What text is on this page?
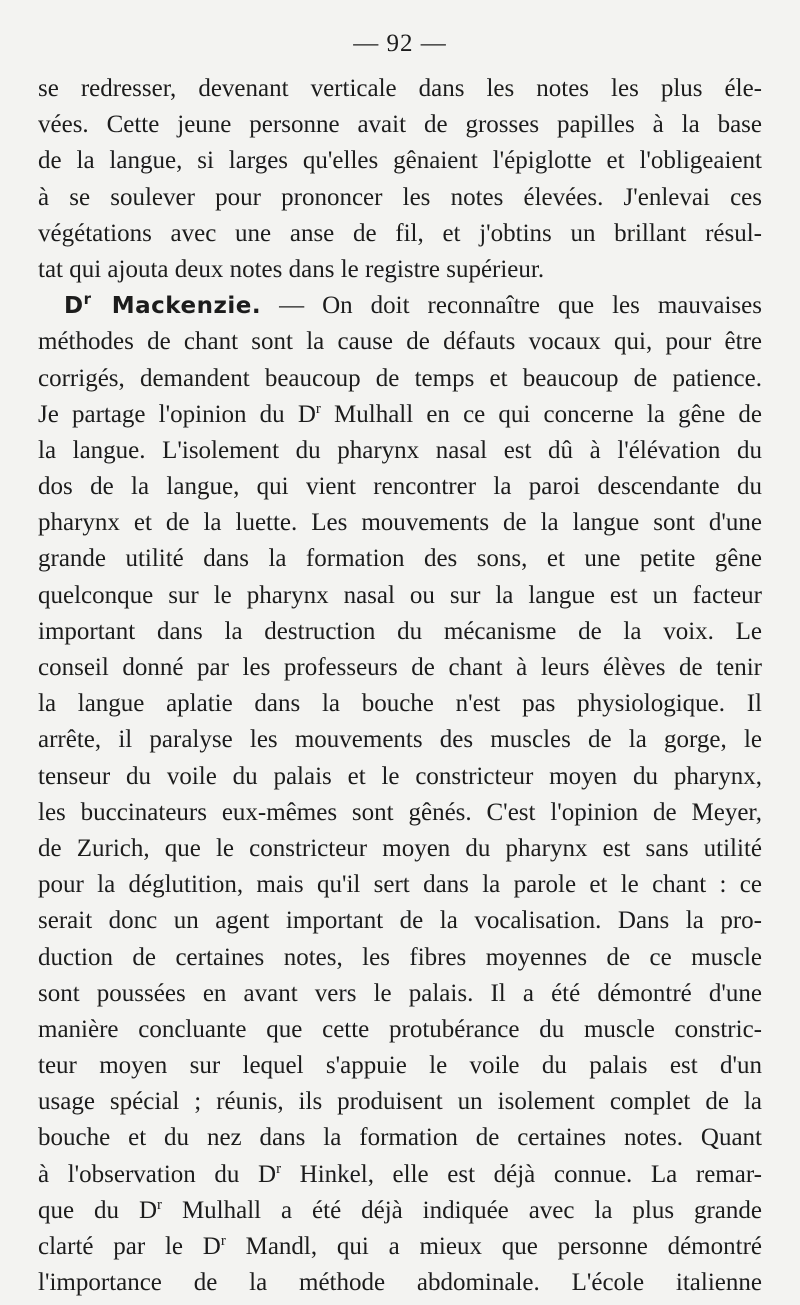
— 92 —
se redresser, devenant verticale dans les notes les plus éle-
vées. Cette jeune personne avait de grosses papilles à la base
de la langue, si larges qu'elles gênaient l'épiglotte et l'obligeaient
à se soulever pour prononcer les notes élevées. J'enlevai ces
végétations avec une anse de fil, et j'obtins un brillant résul-
tat qui ajouta deux notes dans le registre supérieur.
$D^r$ Mackenzie. — On doit reconnaître que les mauvaises
méthodes de chant sont la cause de défauts vocaux qui, pour être
corrigés, demandent beaucoup de temps et beaucoup de patience.
Je partage l'opinion du $D^r$ Mulhall en ce qui concerne la gêne de
la langue. L'isolement du pharynx nasal est dû à l'élévation du
dos de la langue, qui vient rencontrer la paroi descendante du
pharynx et de la luette. Les mouvements de la langue sont d'une
grande utilité dans la formation des sons, et une petite gêne
quelconque sur le pharynx nasal ou sur la langue est un facteur
important dans la destruction du mécanisme de la voix. Le
conseil donné par les professeurs de chant à leurs élèves de tenir
la langue aplatie dans la bouche n'est pas physiologique. Il
arrête, il paralyse les mouvements des muscles de la gorge, le
tenseur du voile du palais et le constricteur moyen du pharynx,
les buccinateurs eux-mêmes sont gênés. C'est l'opinion de Meyer,
de Zurich, que le constricteur moyen du pharynx est sans utilité
pour la déglutition, mais qu'il sert dans la parole et le chant : ce
serait donc un agent important de la vocalisation. Dans la pro-
duction de certaines notes, les fibres moyennes de ce muscle
sont poussées en avant vers le palais. Il a été démontré d'une
manière concluante que cette protubérance du muscle constric-
teur moyen sur lequel s'appuie le voile du palais est d'un
usage spécial ; réunis, ils produisent un isolement complet de la
bouche et du nez dans la formation de certaines notes. Quant
à l'observation du $D^r$ Hinkel, elle est déjà connue. La remar-
que du $D^r$ Mulhall a été déjà indiquée avec la plus grande
clarté par le $D^r$ Mandl, qui a mieux que personne démontré
l'importance de la méthode abdominale. L'école italienne
